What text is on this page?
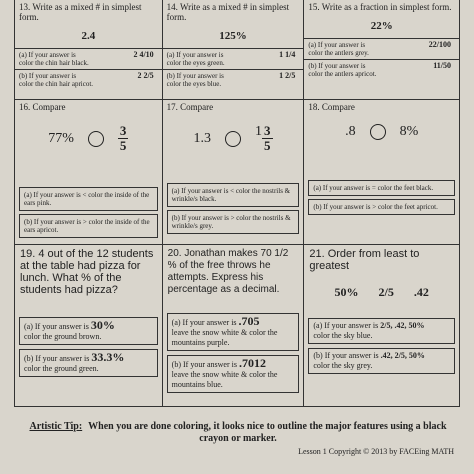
13. Write as a mixed # in simplest form.
2.4
(a) If your answer is	2 4/10

color the chin hair black.
(b) If your answer is	2 2/5

color the chin hair apricot.
14. Write as a mixed # in simplest form.
125%
(a) If your answer is	1 1/4

color the eyes green.
(b) If your answer is	1 2/5

color the eyes blue.
15. Write as a fraction in simplest form.
22%
(a) If your answer is	22/100

color the antlers grey.
(b) If your answer is	11/50

color the antlers apricot.
16. Compare
77%	$\frac{3}{5}$
(a) If your answer is < color the inside of the ears pink.
(b) If your answer is > color the inside of the ears apricot.
17. Compare
1.3	$1 \frac{3}{5}$
(a) If your answer is < color the nostrils & wrinkle/s black.
(b) If your answer is > color the nostrils & wrinkle/s grey.
18. Compare
.8	8%
(a) If your answer is = color the feet black.
(b) If your answer is > color the feet apricot.
19. 4 out of the 12 students at the table had pizza for lunch. What % of the students had pizza?
(a) If your answer is 30%
color the ground brown.
(b) If your answer is 33.3%
color the ground green.
20. Jonathan makes 70 1/2 % of the free throws he attempts. Express his percentage as a decimal.
(a) If your answer is .705
leave the snow white & color the mountains purple.
(b) If your answer is .7012
leave the snow white & color the mountains blue.
21. Order from least to greatest
50% 2/5 .42
(a) If your answer is 2/5, .42, 50%
color the sky blue.
(b) If your answer is .42, 2/5, 50%
color the sky grey.
Artistic Tip: When you are done coloring, it looks nice to outline the major features using a black crayon or marker.
Lesson 1 Copyright © 2013 by FACEing MATH
